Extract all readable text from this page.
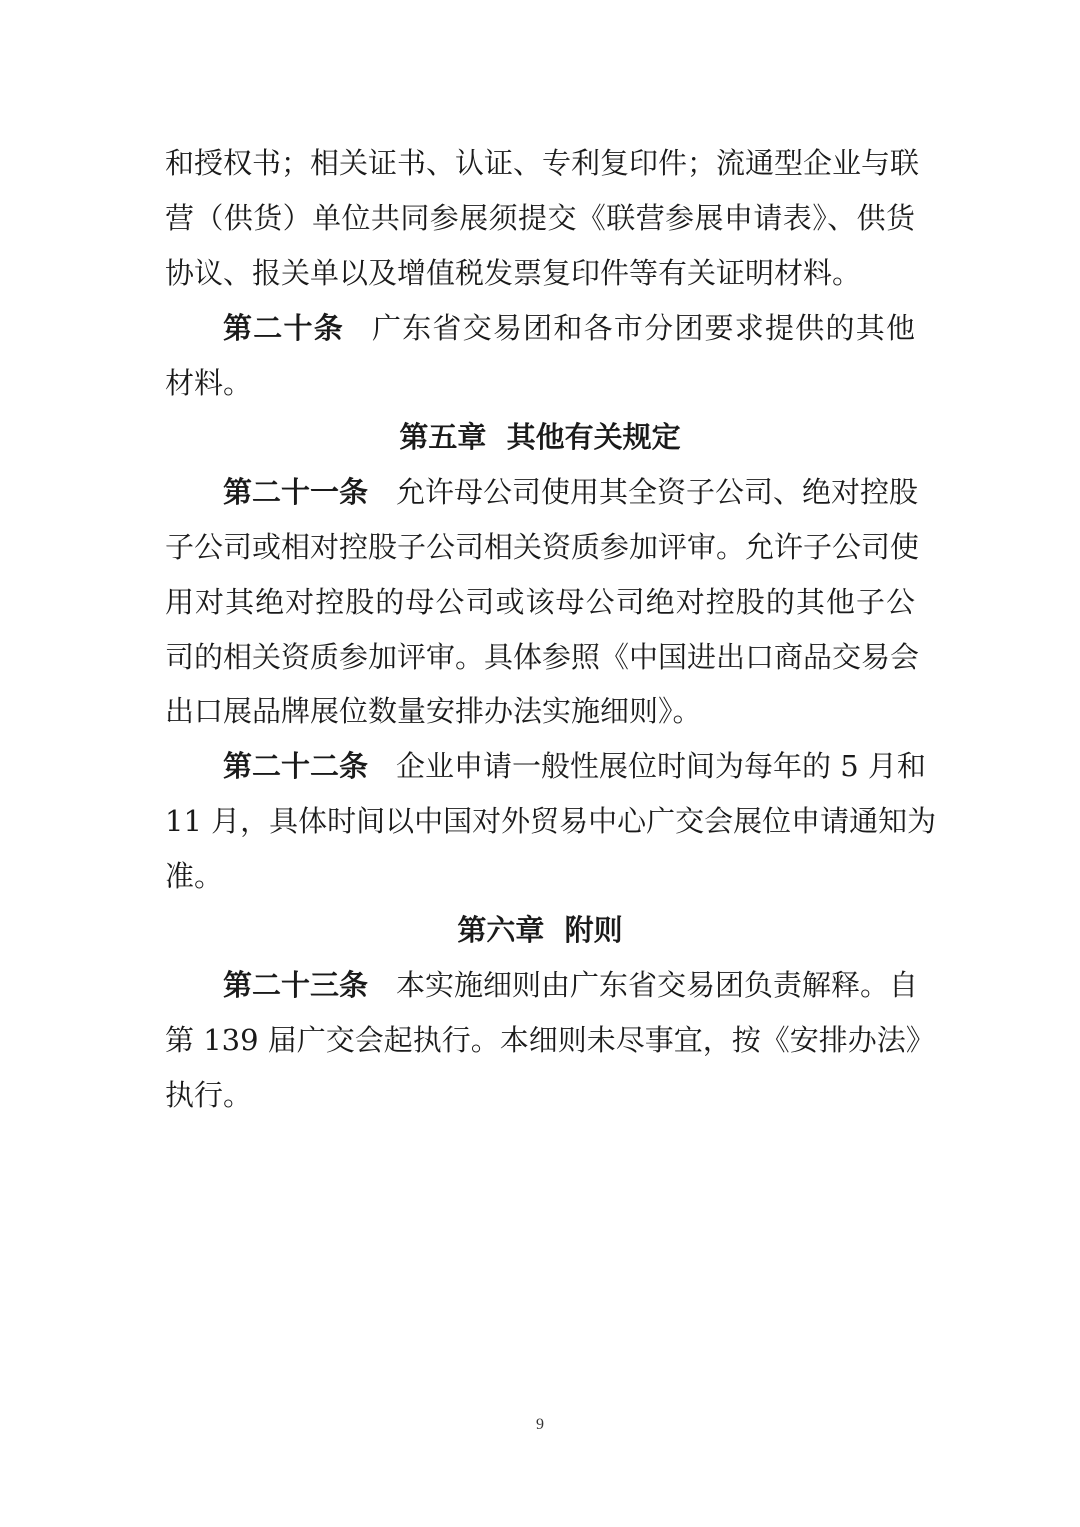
和授权书；相关证书、认证、专利复印件；流通型企业与联
营（供货）单位共同参展须提交《联营参展申请表》、供货
协议、报关单以及增值税发票复印件等有关证明材料。
第二十条 广东省交易团和各市分团要求提供的其他
材料。
第五章  其他有关规定
第二十一条 允许母公司使用其全资子公司、绝对控股
子公司或相对控股子公司相关资质参加评审。允许子公司使
用对其绝对控股的母公司或该母公司绝对控股的其他子公
司的相关资质参加评审。具体参照《中国进出口商品交易会
出口展品牌展位数量安排办法实施细则》。
第二十二条 企业申请一般性展位时间为每年的 5 月和
11 月，具体时间以中国对外贸易中心广交会展位申请通知为
准。
第六章  附则
第二十三条 本实施细则由广东省交易团负责解释。自
第 139 届广交会起执行。本细则未尽事宜，按《安排办法》
执行。
9
